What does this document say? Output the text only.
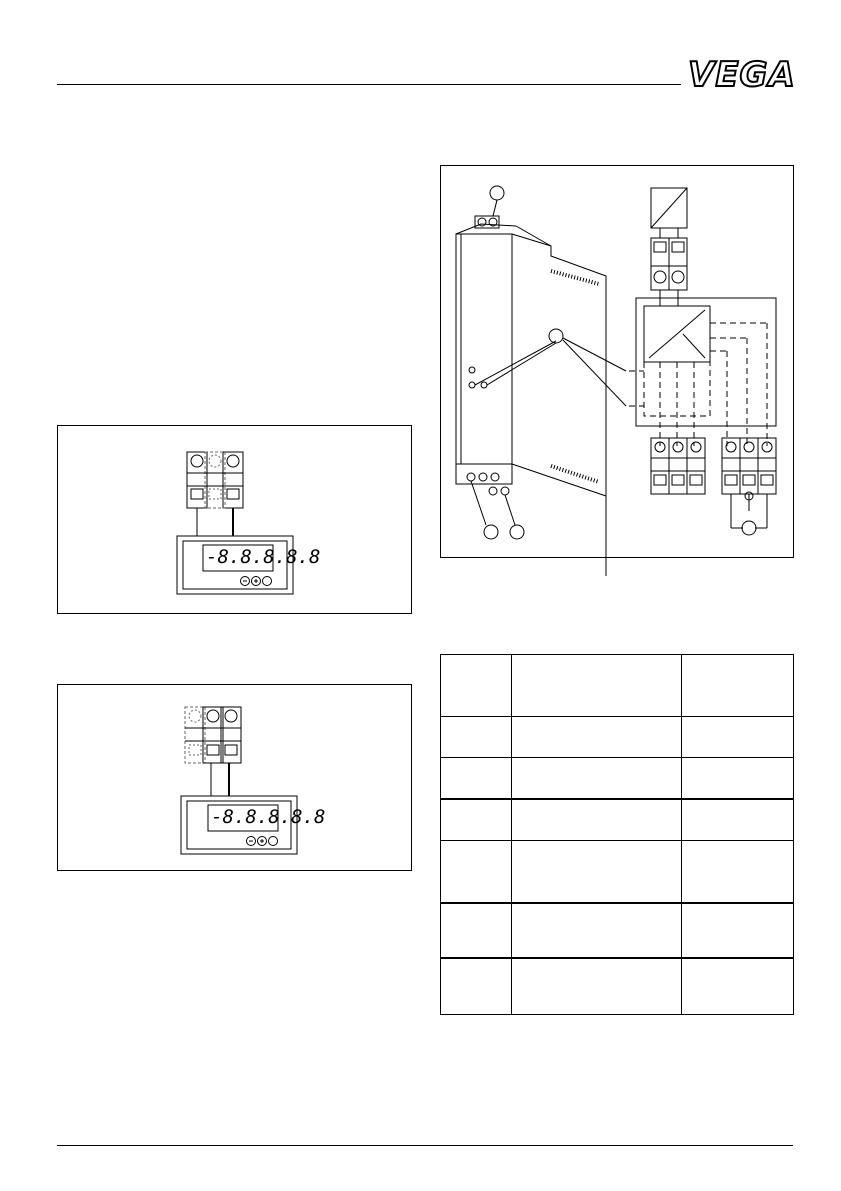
VEGA
-8.8.8.8.8
-8.8.8.8.8
